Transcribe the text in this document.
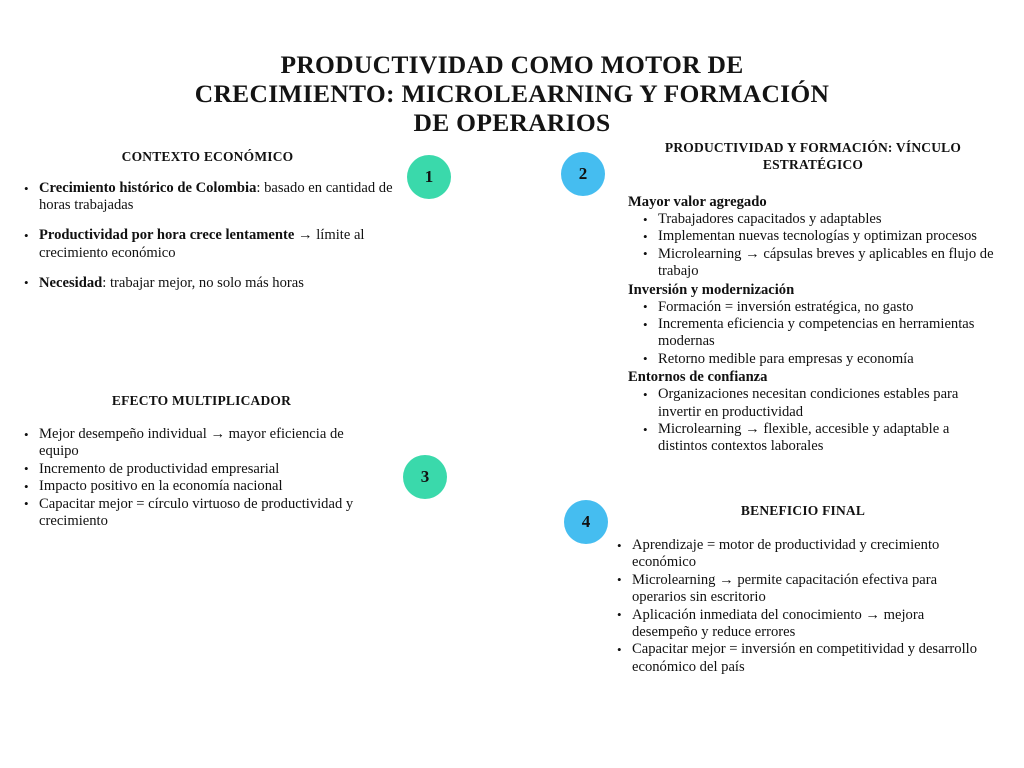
PRODUCTIVIDAD COMO MOTOR DE
CRECIMIENTO: MICROLEARNING Y FORMACIÓN
DE OPERARIOS
CONTEXTO ECONÓMICO
• Crecimiento histórico de Colombia: basado en cantidad de horas trabajadas
• Productividad por hora crece lentamente → límite al crecimiento económico
• Necesidad: trabajar mejor, no solo más horas
PRODUCTIVIDAD Y FORMACIÓN: VÍNCULO
ESTRATÉGICO
Mayor valor agregado
• Trabajadores capacitados y adaptables
• Implementan nuevas tecnologías y optimizan procesos
• Microlearning → cápsulas breves y aplicables en flujo de trabajo
Inversión y modernización
• Formación = inversión estratégica, no gasto
• Incrementa eficiencia y competencias en herramientas modernas
• Retorno medible para empresas y economía
Entornos de confianza
• Organizaciones necesitan condiciones estables para invertir en productividad
• Microlearning → flexible, accesible y adaptable a distintos contextos laborales
EFECTO MULTIPLICADOR
• Mejor desempeño individual → mayor eficiencia de equipo
• Incremento de productividad empresarial
• Impacto positivo en la economía nacional
• Capacitar mejor = círculo virtuoso de productividad y crecimiento
BENEFICIO FINAL
• Aprendizaje = motor de productividad y crecimiento económico
• Microlearning → permite capacitación efectiva para operarios sin escritorio
• Aplicación inmediata del conocimiento → mejora desempeño y reduce errores
• Capacitar mejor = inversión en competitividad y desarrollo económico del país
1	2
3
4
